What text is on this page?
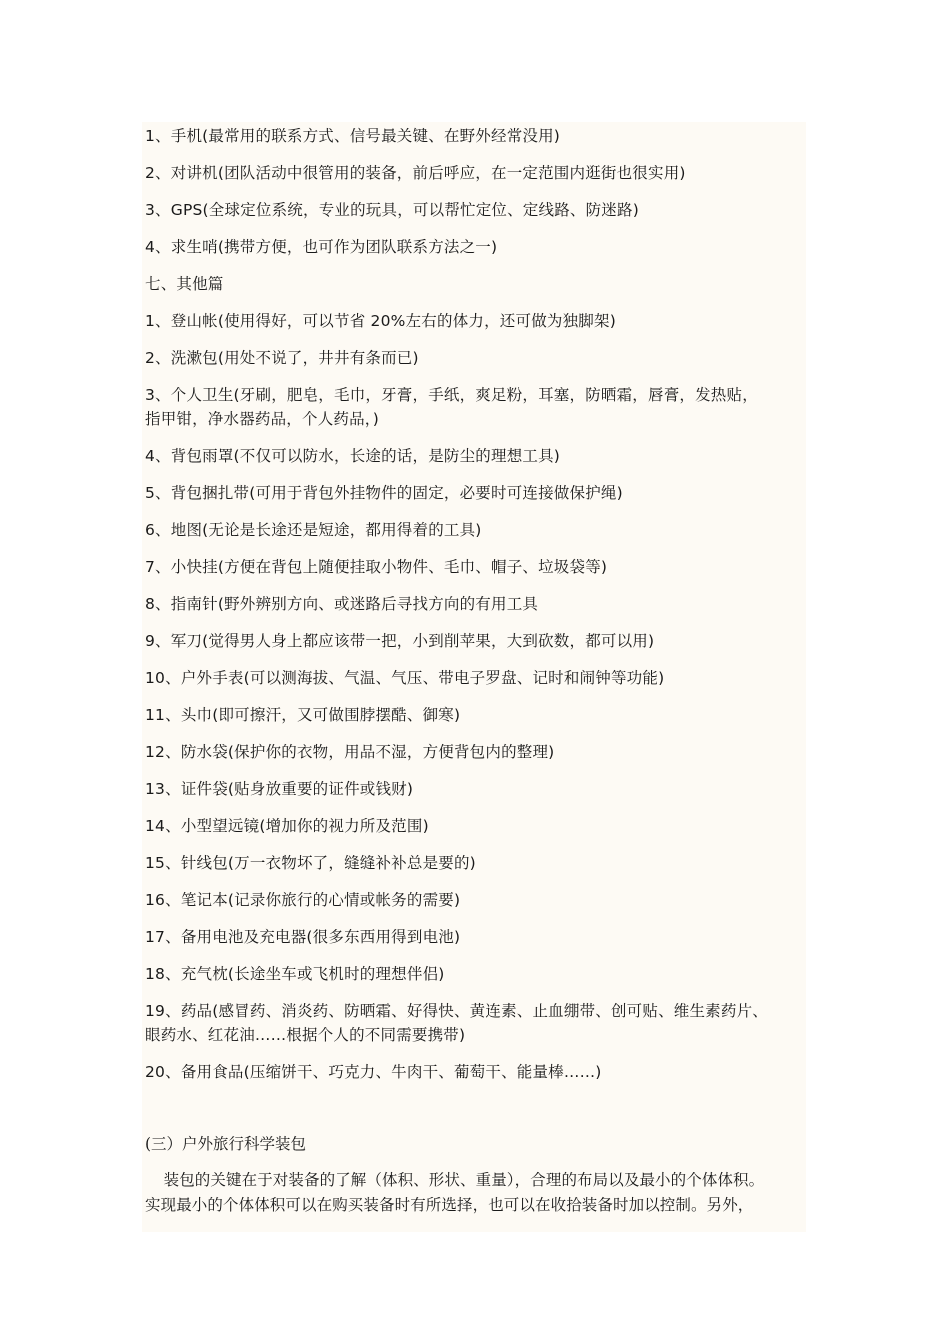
1、手机(最常用的联系方式、信号最关键、在野外经常没用)
2、对讲机(团队活动中很管用的装备，前后呼应，在一定范围内逛街也很实用)
3、GPS(全球定位系统，专业的玩具，可以帮忙定位、定线路、防迷路)
4、求生哨(携带方便，也可作为团队联系方法之一)
七、其他篇
1、登山帐(使用得好，可以节省 20%左右的体力，还可做为独脚架)
2、洗漱包(用处不说了，井井有条而已)
3、个人卫生(牙刷，肥皂，毛巾，牙膏，手纸，爽足粉，耳塞，防晒霜，唇膏，发热贴，
指甲钳，净水器药品，个人药品，)
4、背包雨罩(不仅可以防水，长途的话，是防尘的理想工具)
5、背包捆扎带(可用于背包外挂物件的固定，必要时可连接做保护绳)
6、地图(无论是长途还是短途，都用得着的工具)
7、小快挂(方便在背包上随便挂取小物件、毛巾、帽子、垃圾袋等)
8、指南针(野外辨别方向、或迷路后寻找方向的有用工具
9、军刀(觉得男人身上都应该带一把，小到削苹果，大到砍数，都可以用)
10、户外手表(可以测海拔、气温、气压、带电子罗盘、记时和闹钟等功能)
11、头巾(即可擦汗，又可做围脖摆酷、御寒)
12、防水袋(保护你的衣物，用品不湿，方便背包内的整理)
13、证件袋(贴身放重要的证件或钱财)
14、小型望远镜(增加你的视力所及范围)
15、针线包(万一衣物坏了，缝缝补补总是要的)
16、笔记本(记录你旅行的心情或帐务的需要)
17、备用电池及充电器(很多东西用得到电池)
18、充气枕(长途坐车或飞机时的理想伴侣)
19、药品(感冒药、消炎药、防晒霜、好得快、黄连素、止血绷带、创可贴、维生素药片、
眼药水、红花油……根据个人的不同需要携带)
20、备用食品(压缩饼干、巧克力、牛肉干、葡萄干、能量棒……)
(三）户外旅行科学装包
装包的关键在于对装备的了解（体积、形状、重量），合理的布局以及最小的个体体积。
实现最小的个体体积可以在购买装备时有所选择，也可以在收拾装备时加以控制。另外，
